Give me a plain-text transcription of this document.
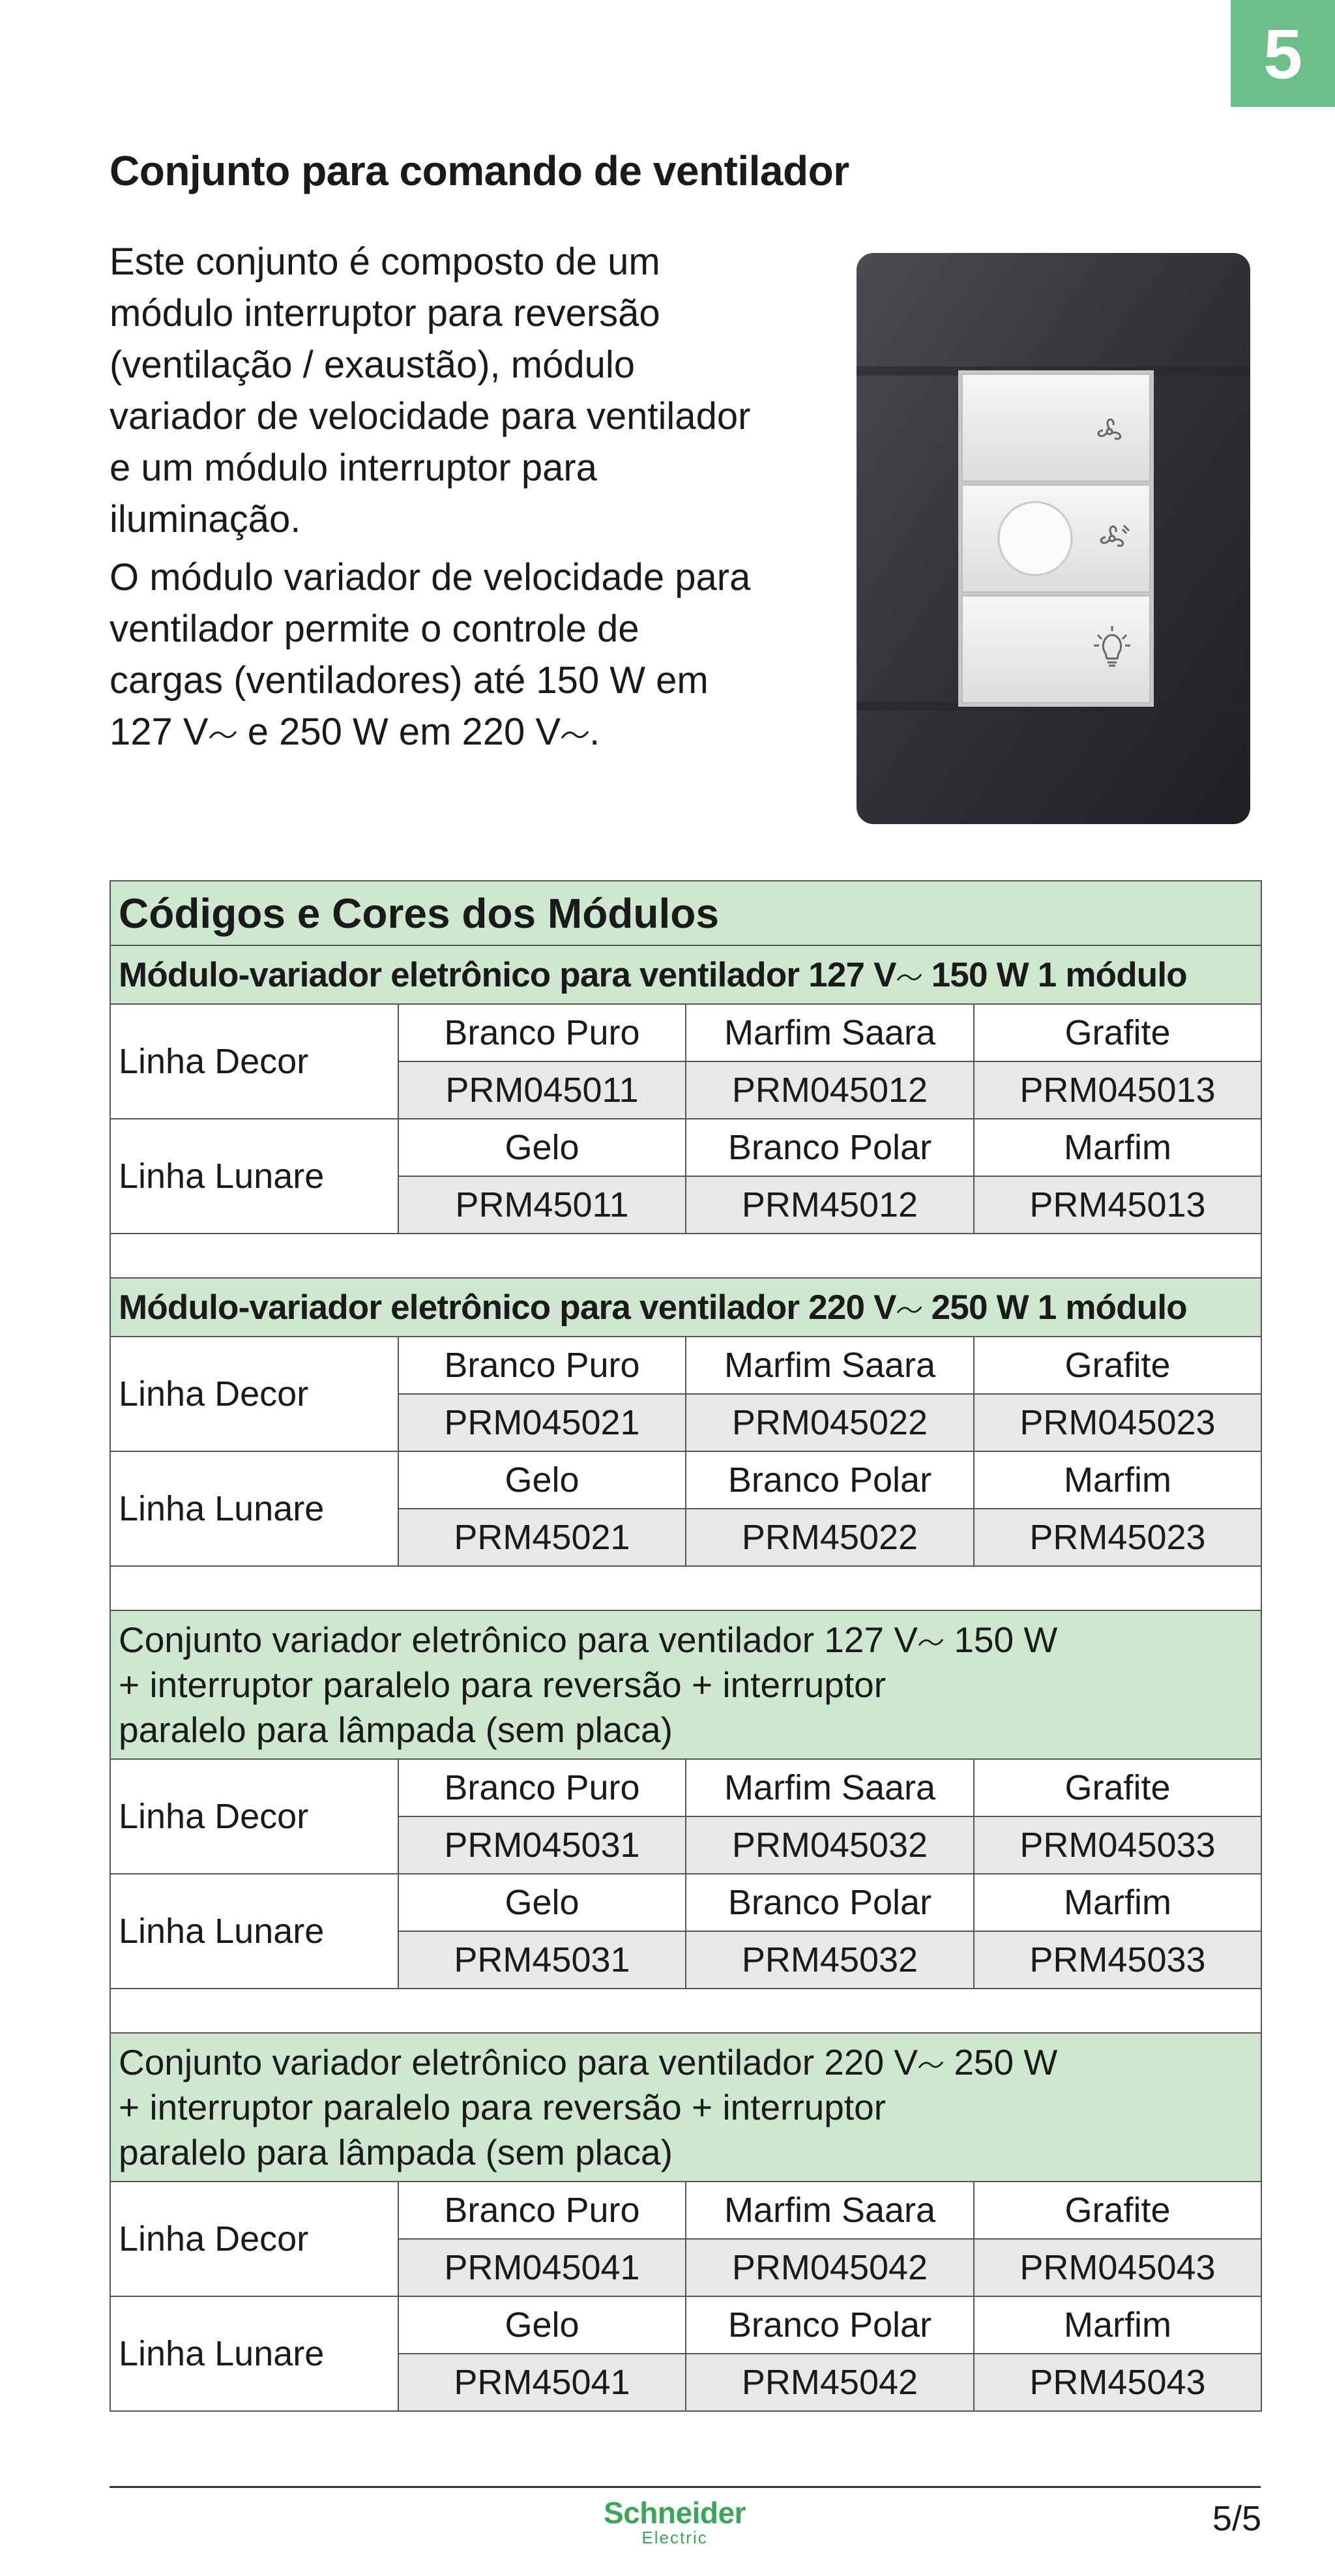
5
Conjunto para comando de ventilador

Este conjunto é composto de um módulo interruptor para reversão (ventilação / exaustão), módulo variador de velocidade para ventilador e um módulo interruptor para iluminação.

O módulo variador de velocidade para ventilador permite o controle de cargas (ventiladores) até 150 W em 127 V e 250 W em 220 V .

Códigos e Cores dos Módulos			
Módulo-variador eletrônico para ventilador 127 V 150 W 1 módulo			
Linha Decor	Branco Puro	Marfim Saara	Grafite
	PRM045011	PRM045012	PRM045013
Linha Lunare	Gelo	Branco Polar	Marfim
	PRM45011	PRM45012	PRM45013

Módulo-variador eletrônico para ventilador 220 V 250 W 1 módulo			
Linha Decor	Branco Puro	Marfim Saara	Grafite
	PRM045021	PRM045022	PRM045023
Linha Lunare	Gelo	Branco Polar	Marfim
	PRM45021	PRM45022	PRM45023

Conjunto variador eletrônico para ventilador 127 V 150 W
+ interruptor paralelo para reversão + interruptor
paralelo para lâmpada (sem placa)			

Linha Decor	Branco Puro	Marfim Saara	Grafite
	PRM045031	PRM045032	PRM045033
Linha Lunare	Gelo	Branco Polar	Marfim
	PRM45031	PRM45032	PRM45033

Conjunto variador eletrônico para ventilador 220 V 250 W
+ interruptor paralelo para reversão + interruptor
paralelo para lâmpada (sem placa)			

Linha Decor	Branco Puro	Marfim Saara	Grafite
	PRM045041	PRM045042	PRM045043
Linha Lunare	Gelo	Branco Polar	Marfim
	PRM45041	PRM45042	PRM45043
Schneider
Electric	5/5
